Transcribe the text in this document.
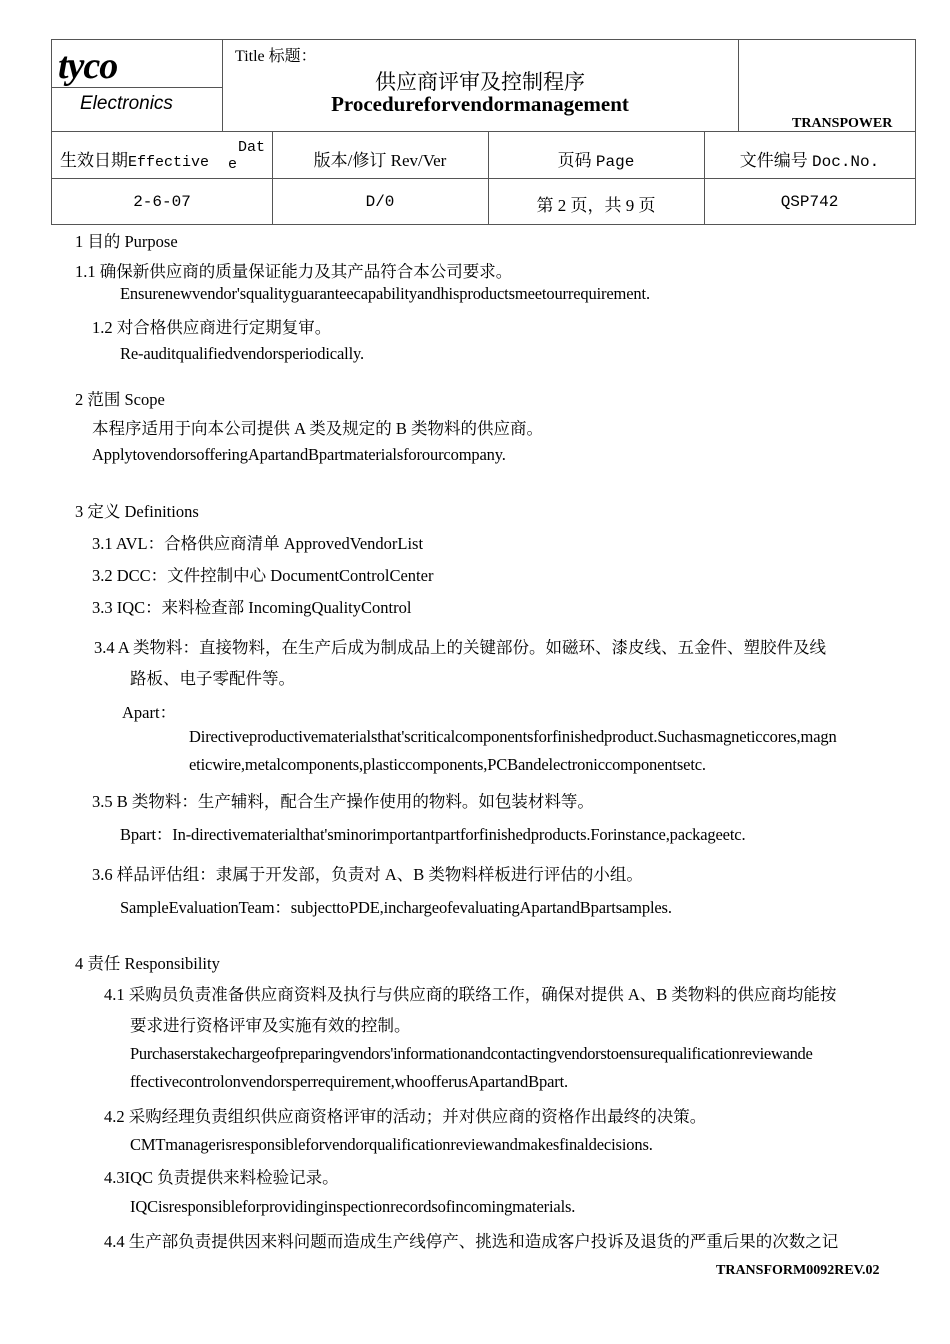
tyco
Electronics
Title 标题：
供应商评审及控制程序
Procedureforvendormanagement
TRANSPOWER
生效日期Effective
Dat
e	版本/修订 Rev/Ver	页码 Page	文件编号 Doc.No.
2-6-07	D/0	第 2 页，共 9 页	QSP742
1 目的 Purpose
1.1 确保新供应商的质量保证能力及其产品符合本公司要求。
Ensurenewvendor'squalityguaranteecapabilityandhisproductsmeetourrequirement.
1.2 对合格供应商进行定期复审。
Re-auditqualifiedvendorsperiodically.
2 范围 Scope
本程序适用于向本公司提供 A 类及规定的 B 类物料的供应商。
ApplytovendorsofferingApartandBpartmaterialsforourcompany.
3 定义 Definitions
3.1 AVL：合格供应商清单 ApprovedVendorList
3.2 DCC：文件控制中心 DocumentControlCenter
3.3 IQC：来料检查部 IncomingQualityControl
3.4 A 类物料：直接物料，在生产后成为制成品上的关键部份。如磁环、漆皮线、五金件、塑胶件及线
路板、电子零配件等。
Apart：
Directiveproductivematerialsthat'scriticalcomponentsforfinishedproduct.Suchasmagneticcores,magn
eticwire,metalcomponents,plasticcomponents,PCBandelectroniccomponentsetc.
3.5 B 类物料：生产辅料，配合生产操作使用的物料。如包装材料等。
Bpart：In-directivematerialthat'sminorimportantpartforfinishedproducts.Forinstance,packageetc.
3.6 样品评估组：隶属于开发部，负责对 A、B 类物料样板进行评估的小组。
SampleEvaluationTeam：subjecttoPDE,inchargeofevaluatingApartandBpartsamples.
4 责任 Responsibility
4.1 采购员负责准备供应商资料及执行与供应商的联络工作，确保对提供 A、B 类物料的供应商均能按
要求进行资格评审及实施有效的控制。
Purchaserstakechargeofpreparingvendors'informationandcontactingvendorstoensurequalificationreviewande
ffectivecontrolonvendorsperrequirement,whoofferusApartandBpart.
4.2 采购经理负责组织供应商资格评审的活动；并对供应商的资格作出最终的决策。
CMTmanagerisresponsibleforvendorqualificationreviewandmakesfinaldecisions.
4.3IQC 负责提供来料检验记录。
IQCisresponsibleforprovidinginspectionrecordsofincomingmaterials.
4.4 生产部负责提供因来料问题而造成生产线停产、挑选和造成客户投诉及退货的严重后果的次数之记
TRANSFORM0092REV.02
